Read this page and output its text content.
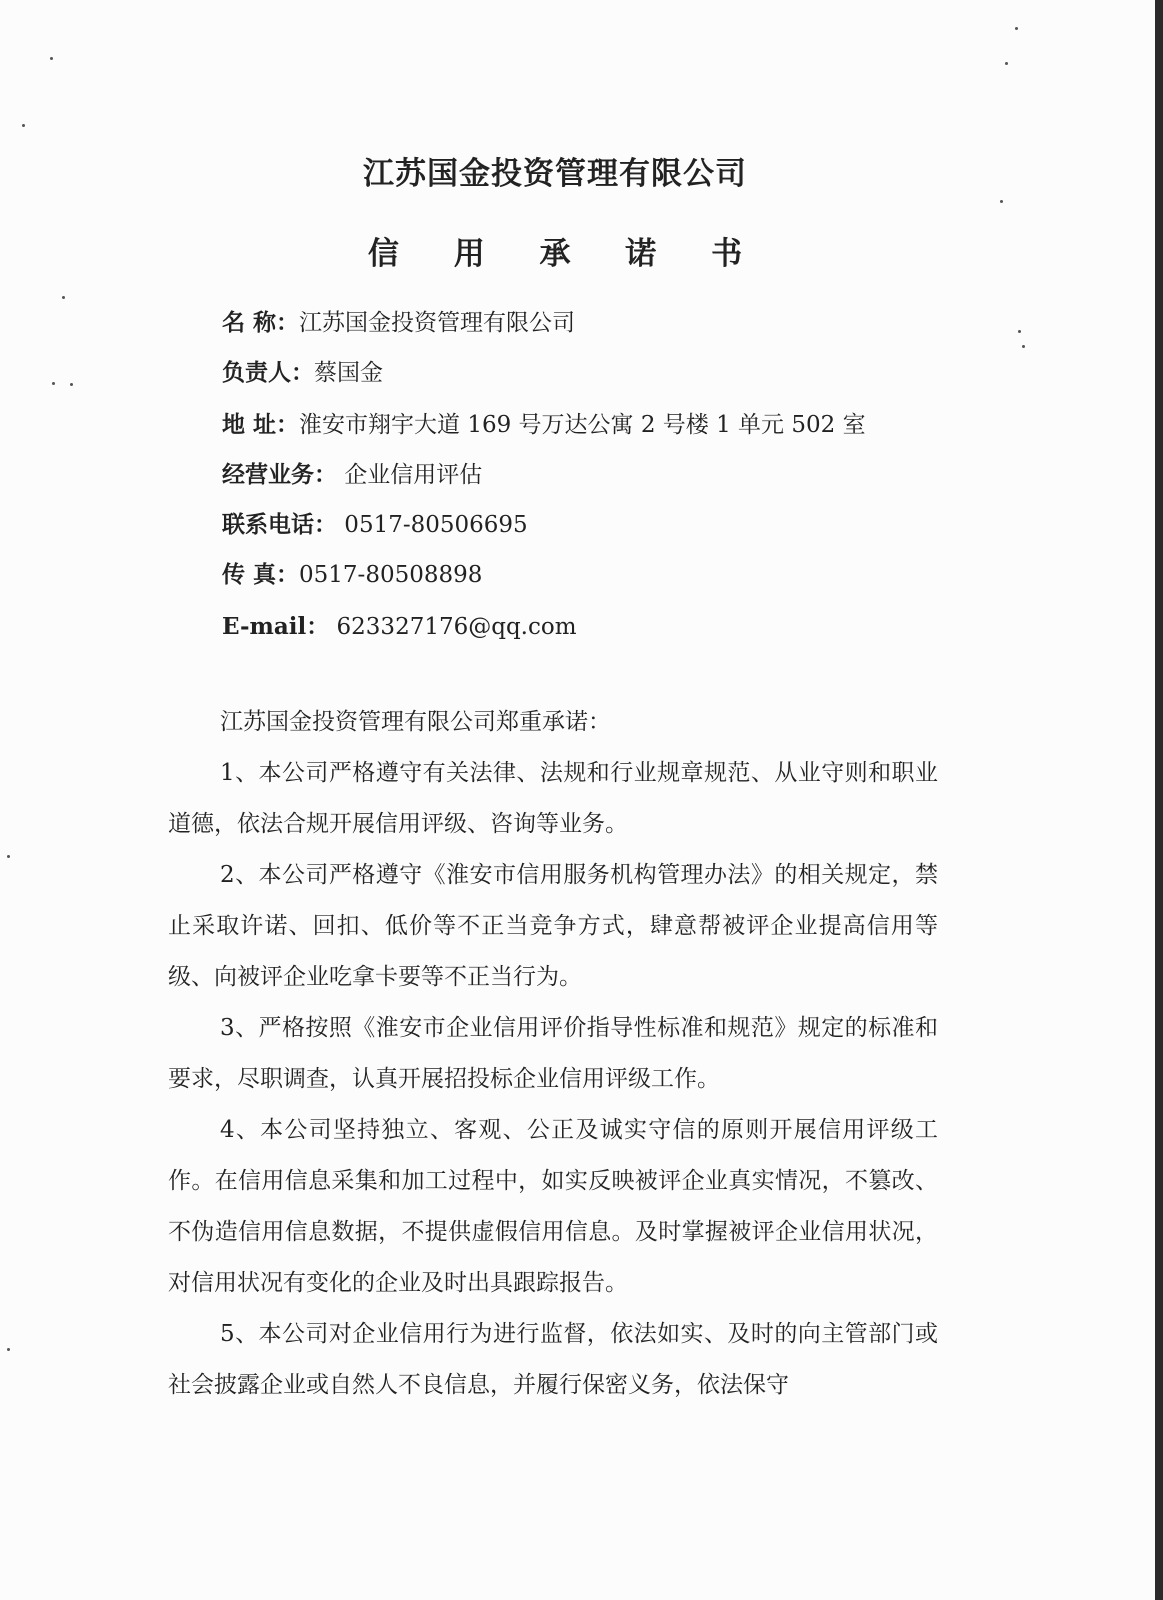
江苏国金投资管理有限公司
信 用 承 诺 书
名 称：江苏国金投资管理有限公司
负责人：蔡国金
地 址：淮安市翔宇大道 169 号万达公寓 2 号楼 1 单元 502 室
经营业务： 企业信用评估
联系电话： 0517-80506695
传 真：0517-80508898
E-mail： 623327176@qq.com

江苏国金投资管理有限公司郑重承诺：

1、本公司严格遵守有关法律、法规和行业规章规范、从业守则和职业道德，依法合规开展信用评级、咨询等业务。

2、本公司严格遵守《淮安市信用服务机构管理办法》的相关规定，禁止采取许诺、回扣、低价等不正当竞争方式，肆意帮被评企业提高信用等级、向被评企业吃拿卡要等不正当行为。

3、严格按照《淮安市企业信用评价指导性标准和规范》规定的标准和要求，尽职调查，认真开展招投标企业信用评级工作。

4、本公司坚持独立、客观、公正及诚实守信的原则开展信用评级工作。在信用信息采集和加工过程中，如实反映被评企业真实情况，不篡改、不伪造信用信息数据，不提供虚假信用信息。及时掌握被评企业信用状况，对信用状况有变化的企业及时出具跟踪报告。

5、本公司对企业信用行为进行监督，依法如实、及时的向主管部门或社会披露企业或自然人不良信息，并履行保密义务，依法保守
